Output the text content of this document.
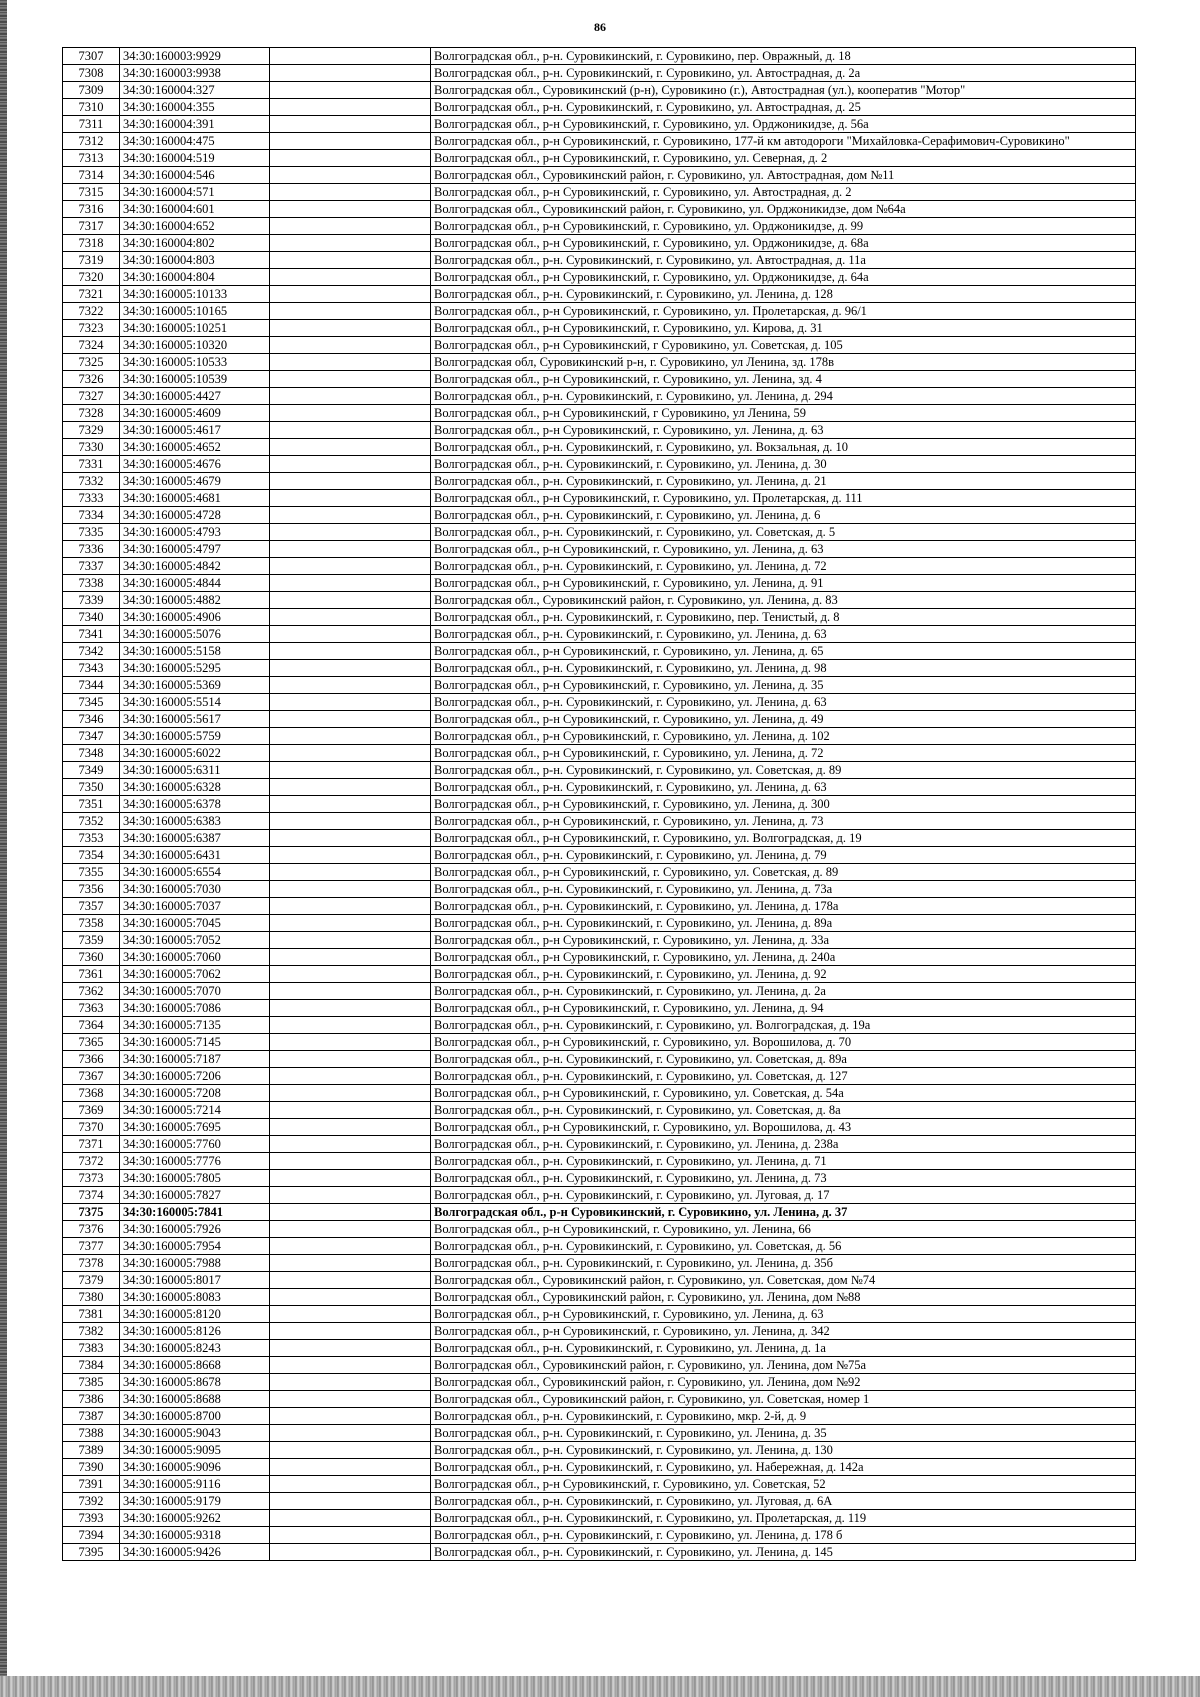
86
7307	34:30:160003:9929		Волгоградская обл., р-н. Суровикинский, г. Суровикино, пер. Овражный, д. 18
7308	34:30:160003:9938		Волгоградская обл., р-н. Суровикинский, г. Суровикино, ул. Автострадная, д. 2а
7309	34:30:160004:327		Волгоградская обл., Суровикинский (р-н), Суровикино (г.), Автострадная (ул.), кооператив "Мотор"
7310	34:30:160004:355		Волгоградская обл., р-н. Суровикинский, г. Суровикино, ул. Автострадная, д. 25
7311	34:30:160004:391		Волгоградская обл., р-н Суровикинский, г. Суровикино, ул. Орджоникидзе, д. 56а
7312	34:30:160004:475		Волгоградская обл., р-н Суровикинский, г. Суровикино, 177-й км автодороги "Михайловка-Серафимович-Суровикино"
7313	34:30:160004:519		Волгоградская обл., р-н Суровикинский, г. Суровикино, ул. Северная, д. 2
7314	34:30:160004:546		Волгоградская обл., Суровикинский район, г. Суровикино, ул. Автострадная, дом №11
7315	34:30:160004:571		Волгоградская обл., р-н Суровикинский, г. Суровикино, ул. Автострадная, д. 2
7316	34:30:160004:601		Волгоградская обл., Суровикинский район, г. Суровикино, ул. Орджоникидзе, дом №64а
7317	34:30:160004:652		Волгоградская обл., р-н Суровикинский, г. Суровикино, ул. Орджоникидзе, д. 99
7318	34:30:160004:802		Волгоградская обл., р-н Суровикинский, г. Суровикино, ул. Орджоникидзе, д. 68а
7319	34:30:160004:803		Волгоградская обл., р-н. Суровикинский, г. Суровикино, ул. Автострадная, д. 11а
7320	34:30:160004:804		Волгоградская обл., р-н Суровикинский, г. Суровикино, ул. Орджоникидзе, д. 64а
7321	34:30:160005:10133		Волгоградская обл., р-н. Суровикинский, г. Суровикино, ул. Ленина, д. 128
7322	34:30:160005:10165		Волгоградская обл., р-н Суровикинский, г. Суровикино, ул. Пролетарская, д. 96/1
7323	34:30:160005:10251		Волгоградская обл., р-н Суровикинский, г. Суровикино, ул. Кирова, д. 31
7324	34:30:160005:10320		Волгоградская обл., р-н Суровикинский, г Суровикино, ул. Советская, д. 105
7325	34:30:160005:10533		Волгоградская обл, Суровикинский р-н, г. Суровикино, ул Ленина, зд. 178в
7326	34:30:160005:10539		Волгоградская обл., р-н Суровикинский, г. Суровикино, ул. Ленина, зд. 4
7327	34:30:160005:4427		Волгоградская обл., р-н. Суровикинский, г. Суровикино, ул. Ленина, д. 294
7328	34:30:160005:4609		Волгоградская обл., р-н Суровикинский, г Суровикино, ул Ленина, 59
7329	34:30:160005:4617		Волгоградская обл., р-н Суровикинский, г. Суровикино, ул. Ленина, д. 63
7330	34:30:160005:4652		Волгоградская обл., р-н. Суровикинский, г. Суровикино, ул. Вокзальная, д. 10
7331	34:30:160005:4676		Волгоградская обл., р-н. Суровикинский, г. Суровикино, ул. Ленина, д. 30
7332	34:30:160005:4679		Волгоградская обл., р-н. Суровикинский, г. Суровикино, ул. Ленина, д. 21
7333	34:30:160005:4681		Волгоградская обл., р-н Суровикинский, г. Суровикино, ул. Пролетарская, д. 111
7334	34:30:160005:4728		Волгоградская обл., р-н. Суровикинский, г. Суровикино, ул. Ленина, д. 6
7335	34:30:160005:4793		Волгоградская обл., р-н. Суровикинский, г. Суровикино, ул. Советская, д. 5
7336	34:30:160005:4797		Волгоградская обл., р-н Суровикинский, г. Суровикино, ул. Ленина, д. 63
7337	34:30:160005:4842		Волгоградская обл., р-н. Суровикинский, г. Суровикино, ул. Ленина, д. 72
7338	34:30:160005:4844		Волгоградская обл., р-н Суровикинский, г. Суровикино, ул. Ленина, д. 91
7339	34:30:160005:4882		Волгоградская обл., Суровикинский район, г. Суровикино, ул. Ленина, д. 83
7340	34:30:160005:4906		Волгоградская обл., р-н. Суровикинский, г. Суровикино, пер. Тенистый, д. 8
7341	34:30:160005:5076		Волгоградская обл., р-н. Суровикинский, г. Суровикино, ул. Ленина, д. 63
7342	34:30:160005:5158		Волгоградская обл., р-н Суровикинский, г. Суровикино, ул. Ленина, д. 65
7343	34:30:160005:5295		Волгоградская обл., р-н. Суровикинский, г. Суровикино, ул. Ленина, д. 98
7344	34:30:160005:5369		Волгоградская обл., р-н Суровикинский, г. Суровикино, ул. Ленина, д. 35
7345	34:30:160005:5514		Волгоградская обл., р-н. Суровикинский, г. Суровикино, ул. Ленина, д. 63
7346	34:30:160005:5617		Волгоградская обл., р-н Суровикинский, г. Суровикино, ул. Ленина, д. 49
7347	34:30:160005:5759		Волгоградская обл., р-н Суровикинский, г. Суровикино, ул. Ленина, д. 102
7348	34:30:160005:6022		Волгоградская обл., р-н Суровикинский, г. Суровикино, ул. Ленина, д. 72
7349	34:30:160005:6311		Волгоградская обл., р-н. Суровикинский, г. Суровикино, ул. Советская, д. 89
7350	34:30:160005:6328		Волгоградская обл., р-н. Суровикинский, г. Суровикино, ул. Ленина, д. 63
7351	34:30:160005:6378		Волгоградская обл., р-н Суровикинский, г. Суровикино, ул. Ленина, д. 300
7352	34:30:160005:6383		Волгоградская обл., р-н Суровикинский, г. Суровикино, ул. Ленина, д. 73
7353	34:30:160005:6387		Волгоградская обл., р-н Суровикинский, г. Суровикино, ул. Волгоградская, д. 19
7354	34:30:160005:6431		Волгоградская обл., р-н. Суровикинский, г. Суровикино, ул. Ленина, д. 79
7355	34:30:160005:6554		Волгоградская обл., р-н Суровикинский, г. Суровикино, ул. Советская, д. 89
7356	34:30:160005:7030		Волгоградская обл., р-н. Суровикинский, г. Суровикино, ул. Ленина, д. 73а
7357	34:30:160005:7037		Волгоградская обл., р-н. Суровикинский, г. Суровикино, ул. Ленина, д. 178а
7358	34:30:160005:7045		Волгоградская обл., р-н. Суровикинский, г. Суровикино, ул. Ленина, д. 89а
7359	34:30:160005:7052		Волгоградская обл., р-н Суровикинский, г. Суровикино, ул. Ленина, д. 33а
7360	34:30:160005:7060		Волгоградская обл., р-н Суровикинский, г. Суровикино, ул. Ленина, д. 240а
7361	34:30:160005:7062		Волгоградская обл., р-н. Суровикинский, г. Суровикино, ул. Ленина, д. 92
7362	34:30:160005:7070		Волгоградская обл., р-н. Суровикинский, г. Суровикино, ул. Ленина, д. 2а
7363	34:30:160005:7086		Волгоградская обл., р-н Суровикинский, г. Суровикино, ул. Ленина, д. 94
7364	34:30:160005:7135		Волгоградская обл., р-н. Суровикинский, г. Суровикино, ул. Волгоградская, д. 19а
7365	34:30:160005:7145		Волгоградская обл., р-н Суровикинский, г. Суровикино, ул. Ворошилова, д. 70
7366	34:30:160005:7187		Волгоградская обл., р-н. Суровикинский, г. Суровикино, ул. Советская, д. 89а
7367	34:30:160005:7206		Волгоградская обл., р-н. Суровикинский, г. Суровикино, ул. Советская, д. 127
7368	34:30:160005:7208		Волгоградская обл., р-н Суровикинский, г. Суровикино, ул. Советская, д. 54а
7369	34:30:160005:7214		Волгоградская обл., р-н. Суровикинский, г. Суровикино, ул. Советская, д. 8а
7370	34:30:160005:7695		Волгоградская обл., р-н Суровикинский, г. Суровикино, ул. Ворошилова, д. 43
7371	34:30:160005:7760		Волгоградская обл., р-н. Суровикинский, г. Суровикино, ул. Ленина, д. 238а
7372	34:30:160005:7776		Волгоградская обл., р-н. Суровикинский, г. Суровикино, ул. Ленина, д. 71
7373	34:30:160005:7805		Волгоградская обл., р-н. Суровикинский, г. Суровикино, ул. Ленина, д. 73
7374	34:30:160005:7827		Волгоградская обл., р-н. Суровикинский, г. Суровикино, ул. Луговая, д. 17
7375	34:30:160005:7841		Волгоградская обл., р-н Суровикинский, г. Суровикино, ул. Ленина, д. 37
7376	34:30:160005:7926		Волгоградская обл., р-н Суровикинский, г. Суровикино, ул. Ленина, 66
7377	34:30:160005:7954		Волгоградская обл., р-н. Суровикинский, г. Суровикино, ул. Советская, д. 56
7378	34:30:160005:7988		Волгоградская обл., р-н. Суровикинский, г. Суровикино, ул. Ленина, д. 35б
7379	34:30:160005:8017		Волгоградская обл., Суровикинский район, г. Суровикино, ул. Советская, дом №74
7380	34:30:160005:8083		Волгоградская обл., Суровикинский район, г. Суровикино, ул. Ленина, дом №88
7381	34:30:160005:8120		Волгоградская обл., р-н Суровикинский, г. Суровикино, ул. Ленина, д. 63
7382	34:30:160005:8126		Волгоградская обл., р-н Суровикинский, г. Суровикино, ул. Ленина, д. 342
7383	34:30:160005:8243		Волгоградская обл., р-н. Суровикинский, г. Суровикино, ул. Ленина, д. 1а
7384	34:30:160005:8668		Волгоградская обл., Суровикинский район, г. Суровикино, ул. Ленина, дом №75а
7385	34:30:160005:8678		Волгоградская обл., Суровикинский район, г. Суровикино, ул. Ленина, дом №92
7386	34:30:160005:8688		Волгоградская обл., Суровикинский район, г. Суровикино, ул. Советская, номер 1
7387	34:30:160005:8700		Волгоградская обл., р-н. Суровикинский, г. Суровикино, мкр. 2-й, д. 9
7388	34:30:160005:9043		Волгоградская обл., р-н. Суровикинский, г. Суровикино, ул. Ленина, д. 35
7389	34:30:160005:9095		Волгоградская обл., р-н. Суровикинский, г. Суровикино, ул. Ленина, д. 130
7390	34:30:160005:9096		Волгоградская обл., р-н. Суровикинский, г. Суровикино, ул. Набережная, д. 142а
7391	34:30:160005:9116		Волгоградская обл., р-н Суровикинский, г. Суровикино, ул. Советская, 52
7392	34:30:160005:9179		Волгоградская обл., р-н. Суровикинский, г. Суровикино, ул. Луговая, д. 6А
7393	34:30:160005:9262		Волгоградская обл., р-н. Суровикинский, г. Суровикино, ул. Пролетарская, д. 119
7394	34:30:160005:9318		Волгоградская обл., р-н. Суровикинский, г. Суровикино, ул. Ленина, д. 178 б
7395	34:30:160005:9426		Волгоградская обл., р-н. Суровикинский, г. Суровикино, ул. Ленина, д. 145
